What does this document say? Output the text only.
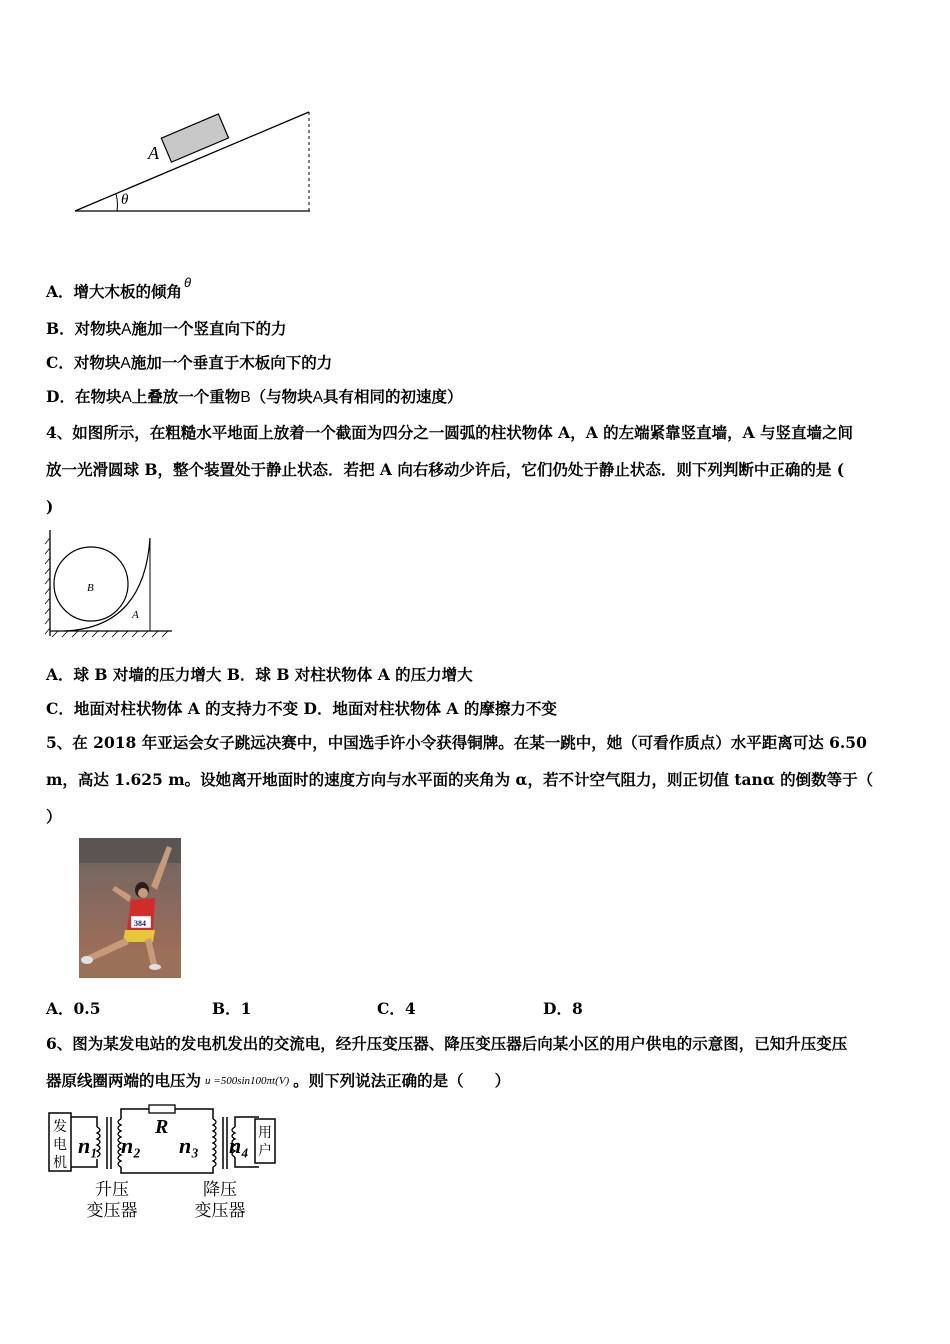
A
θ
A．增大木板的倾角 $^\theta$
B．对物块A施加一个竖直向下的力
C．对物块A施加一个垂直于木板向下的力
D．在物块A上叠放一个重物B（与物块A具有相同的初速度）
4、如图所示，在粗糙水平地面上放着一个截面为四分之一圆弧的柱状物体 A，A 的左端紧靠竖直墙，A 与竖直墙之间
放一光滑圆球 B，整个装置处于静止状态．若把 A 向右移动少许后，它们仍处于静止状态．则下列判断中正确的是 (
)
B
A
A．球 B 对墙的压力增大 B．球 B 对柱状物体 A 的压力增大
C．地面对柱状物体 A 的支持力不变 D．地面对柱状物体 A 的摩擦力不变
5、在 2018 年亚运会女子跳远决赛中，中国选手许小令获得铜牌。在某一跳中，她（可看作质点）水平距离可达 6.50
m，高达 1.625 m。设她离开地面时的速度方向与水平面的夹角为 α，若不计空气阻力，则正切值 tanα 的倒数等于（
）
384
A．0.5	B．1	C．4	D．8
6、图为某发电站的发电机发出的交流电，经升压变压器、降压变压器后向某小区的用户供电的示意图，已知升压变压
器原线圈两端的电压为 u =500sin100πt(V) 。则下列说法正确的是（　　）
发
电
机
用
户
n₁ n₂ n₃ n₄
R
升压
变压器
降压
变压器
